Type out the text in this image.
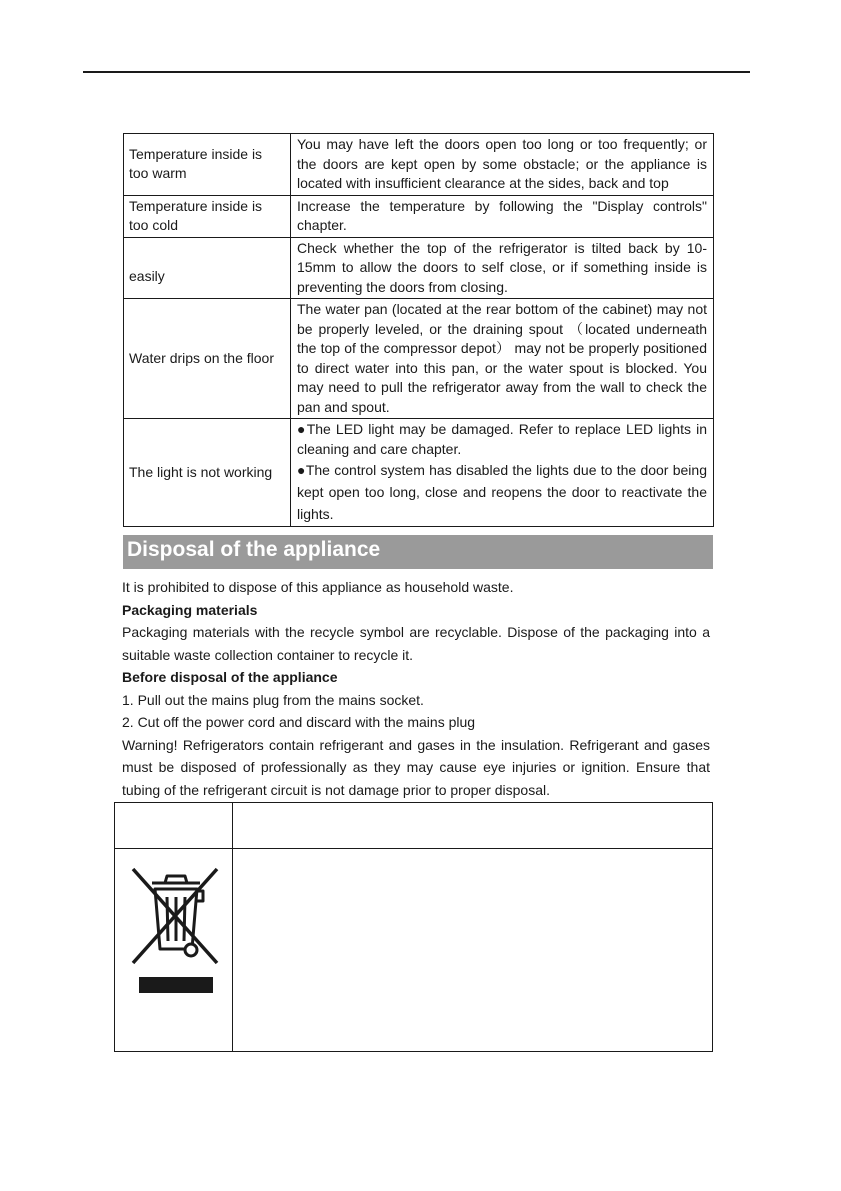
Temperature inside is too warm	You may have left the doors open too long or too frequently; or the doors are kept open by some obstacle; or the appliance is located with insufficient clearance at the sides, back and top
Temperature inside is too cold	Increase the temperature by following the "Display controls" chapter.
easily	Check whether the top of the refrigerator is tilted back by 10-15mm to allow the doors to self close, or if something inside is preventing the doors from closing.
Water drips on the floor	The water pan (located at the rear bottom of the cabinet) may not be properly leveled, or the draining spout （located underneath the top of the compressor depot） may not be properly positioned to direct water into this pan, or the water spout is blocked. You may need to pull the refrigerator away from the wall to check the pan and spout.
The light is not working	●The LED light may be damaged. Refer to replace LED lights in cleaning and care chapter.
●The control system has disabled the lights due to the door being kept open too long, close and reopens the door to reactivate the lights.
Disposal of the appliance

It is prohibited to dispose of this appliance as household waste.

Packaging materials

Packaging materials with the recycle symbol are recyclable. Dispose of the packaging into a suitable waste collection container to recycle it.

Before disposal of the appliance

1. Pull out the mains plug from the mains socket.

2. Cut off the power cord and discard with the mains plug

Warning! Refrigerators contain refrigerant and gases in the insulation. Refrigerant and gases must be disposed of professionally as they may cause eye injuries or ignition. Ensure that tubing of the refrigerant circuit is not damage prior to proper disposal.
